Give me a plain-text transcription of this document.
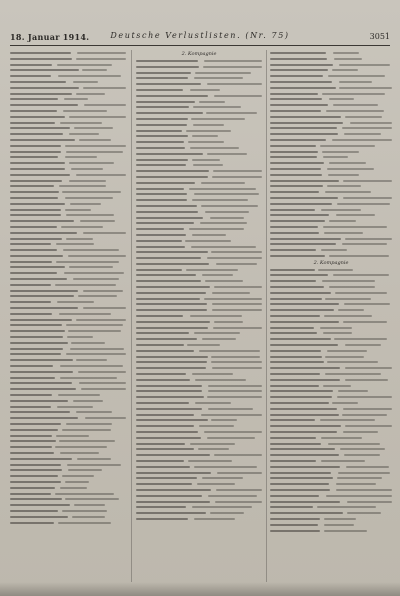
18. Januar 1914.	Deutsche Verlustlisten. (Nr. 75)	3051
2. Kompagnie
2. Kompagnie
